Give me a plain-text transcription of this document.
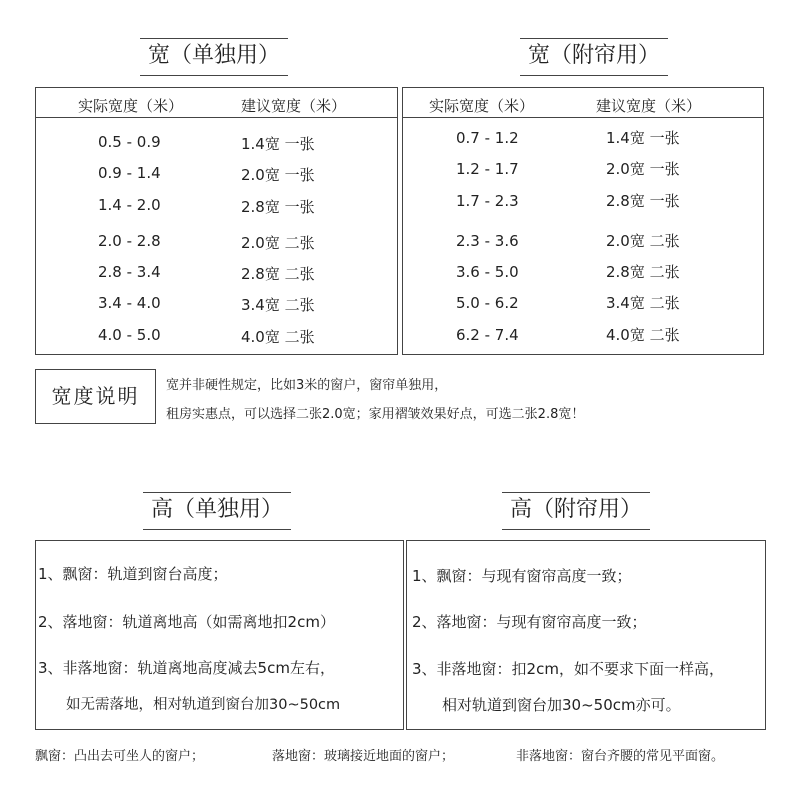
宽（单独用）
实际宽度（米）	建议宽度（米）
0.5 - 0.9	1.4宽 一张
0.9 - 1.4	2.0宽 一张
1.4 - 2.0	2.8宽 一张
2.0 - 2.8	2.0宽 二张
2.8 - 3.4	2.8宽 二张
3.4 - 4.0	3.4宽 二张
4.0 - 5.0	4.0宽 二张
宽（附帘用）
实际宽度（米）	建议宽度（米）
0.7 - 1.2	1.4宽 一张
1.2 - 1.7	2.0宽 一张
1.7 - 2.3	2.8宽 一张
2.3 - 3.6	2.0宽 二张
3.6 - 5.0	2.8宽 二张
5.0 - 6.2	3.4宽 二张
6.2 - 7.4	4.0宽 二张
宽度说明	宽并非硬性规定，比如3米的窗户，窗帘单独用，
租房实惠点，可以选择二张2.0宽；家用褶皱效果好点，可选二张2.8宽！
高（单独用）
1、飘窗：轨道到窗台高度；
2、落地窗：轨道离地高（如需离地扣2cm）
3、非落地窗：轨道离地高度减去5cm左右，
如无需落地，相对轨道到窗台加30~50cm
高（附帘用）
1、飘窗：与现有窗帘高度一致；
2、落地窗：与现有窗帘高度一致；
3、非落地窗：扣2cm，如不要求下面一样高，
相对轨道到窗台加30~50cm亦可。
飘窗：凸出去可坐人的窗户；	落地窗：玻璃接近地面的窗户；	非落地窗：窗台齐腰的常见平面窗。
